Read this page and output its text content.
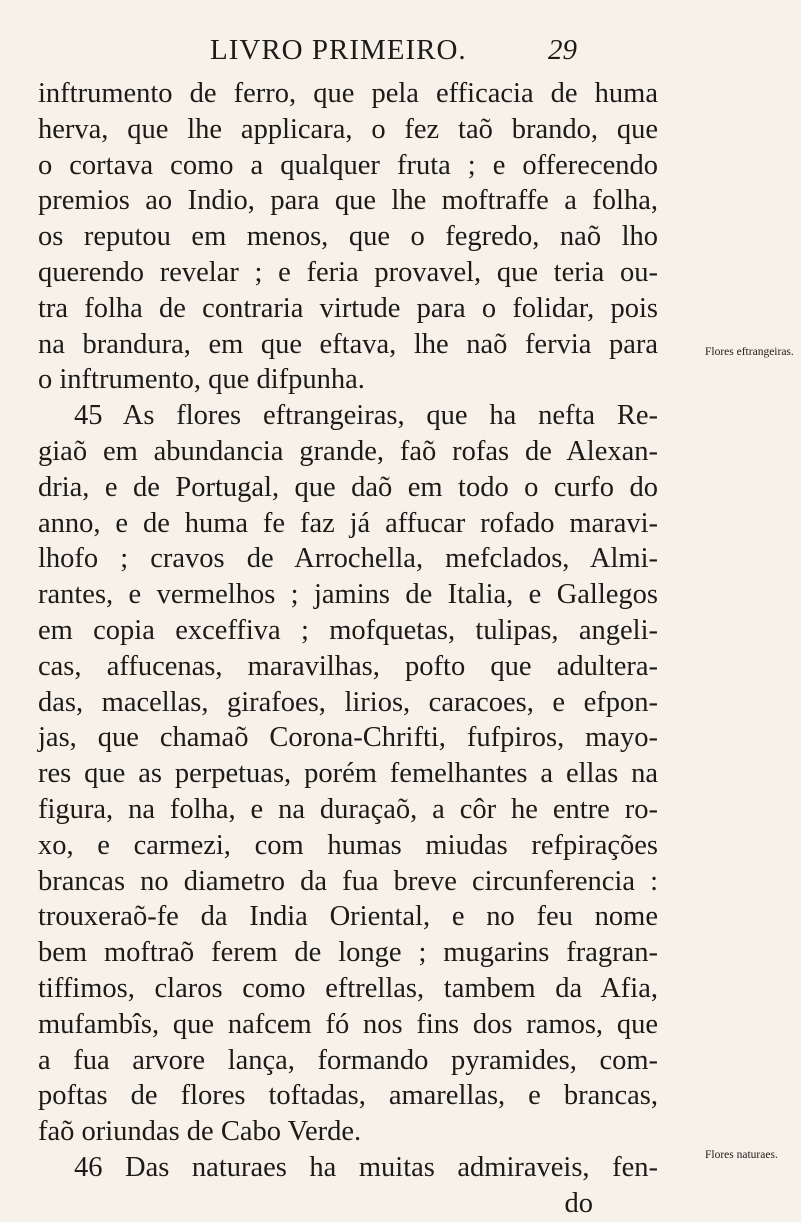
LIVRO PRIMEIRO.	29
inftrumento de ferro, que pela efficacia de huma
herva, que lhe applicara, o fez taõ brando, que
o cortava como a qualquer fruta ; e offerecendo
premios ao Indio, para que lhe moftraffe a folha,
os reputou em menos, que o fegredo, naõ lho
querendo revelar ; e feria provavel, que teria ou-
tra folha de contraria virtude para o folidar, pois
na brandura, em que eftava, lhe naõ fervia para
o inftrumento, que difpunha.
45 As flores eftrangeiras, que ha nefta Re-
giaõ em abundancia grande, faõ rofas de Alexan-
dria, e de Portugal, que daõ em todo o curfo do
anno, e de huma fe faz já affucar rofado maravi-
lhofo ; cravos de Arrochella, mefclados, Almi-
rantes, e vermelhos ; jamins de Italia, e Gallegos
em copia exceffiva ; mofquetas, tulipas, angeli-
cas, affucenas, maravilhas, pofto que adultera-
das, macellas, girafoes, lirios, caracoes, e efpon-
jas, que chamaõ Corona-Chrifti, fufpiros, mayo-
res que as perpetuas, porém femelhantes a ellas na
figura, na folha, e na duraçaõ, a côr he entre ro-
xo, e carmezi, com humas miudas refpirações
brancas no diametro da fua breve circunferencia :
trouxeraõ-fe da India Oriental, e no feu nome
bem moftraõ ferem de longe ; mugarins fragran-
tiffimos, claros como eftrellas, tambem da Afia,
mufambîs, que nafcem fó nos fins dos ramos, que
a fua arvore lança, formando pyramides, com-
poftas de flores toftadas, amarellas, e brancas,
faõ oriundas de Cabo Verde.
46 Das naturaes ha muitas admiraveis, fen-
do
Flores eftrangeiras.
Flores naturaes.
